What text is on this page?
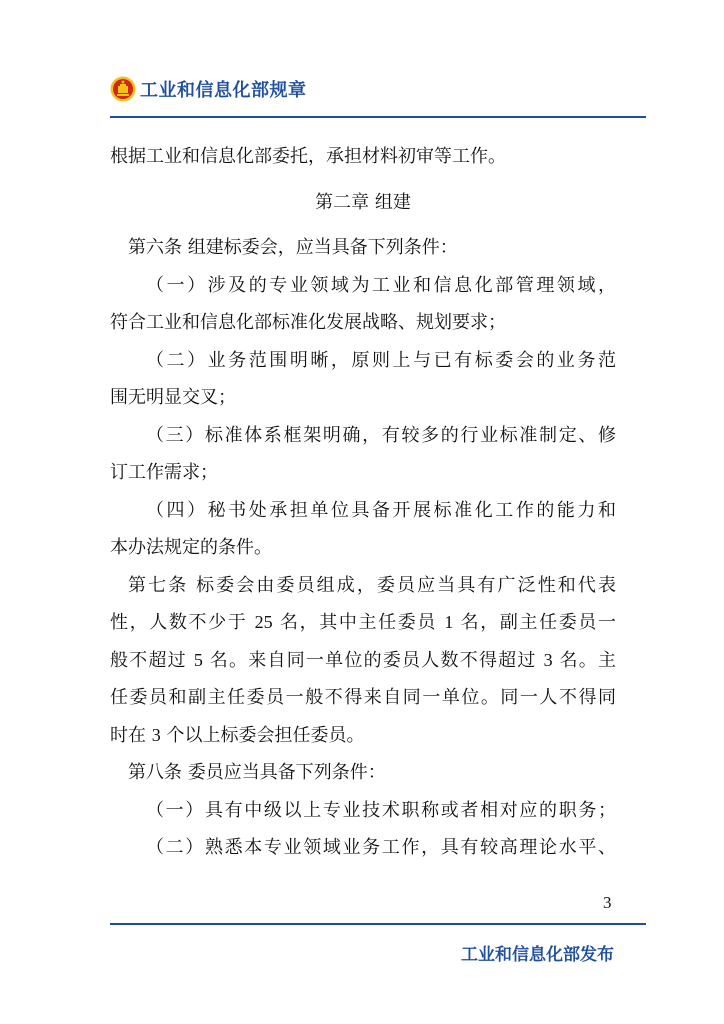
工业和信息化部规章
根据工业和信息化部委托，承担材料初审等工作。
第二章 组建
第六条 组建标委会，应当具备下列条件：
（一）涉及的专业领域为工业和信息化部管理领域，
符合工业和信息化部标准化发展战略、规划要求；
（二）业务范围明晰，原则上与已有标委会的业务范
围无明显交叉；
（三）标准体系框架明确，有较多的行业标准制定、修
订工作需求；
（四）秘书处承担单位具备开展标准化工作的能力和
本办法规定的条件。
第七条 标委会由委员组成，委员应当具有广泛性和代表
性，人数不少于 25 名，其中主任委员 1 名，副主任委员一
般不超过 5 名。来自同一单位的委员人数不得超过 3 名。主
任委员和副主任委员一般不得来自同一单位。同一人不得同
时在 3 个以上标委会担任委员。
第八条 委员应当具备下列条件：
（一）具有中级以上专业技术职称或者相对应的职务；
（二）熟悉本专业领域业务工作，具有较高理论水平、
3
工业和信息化部发布
